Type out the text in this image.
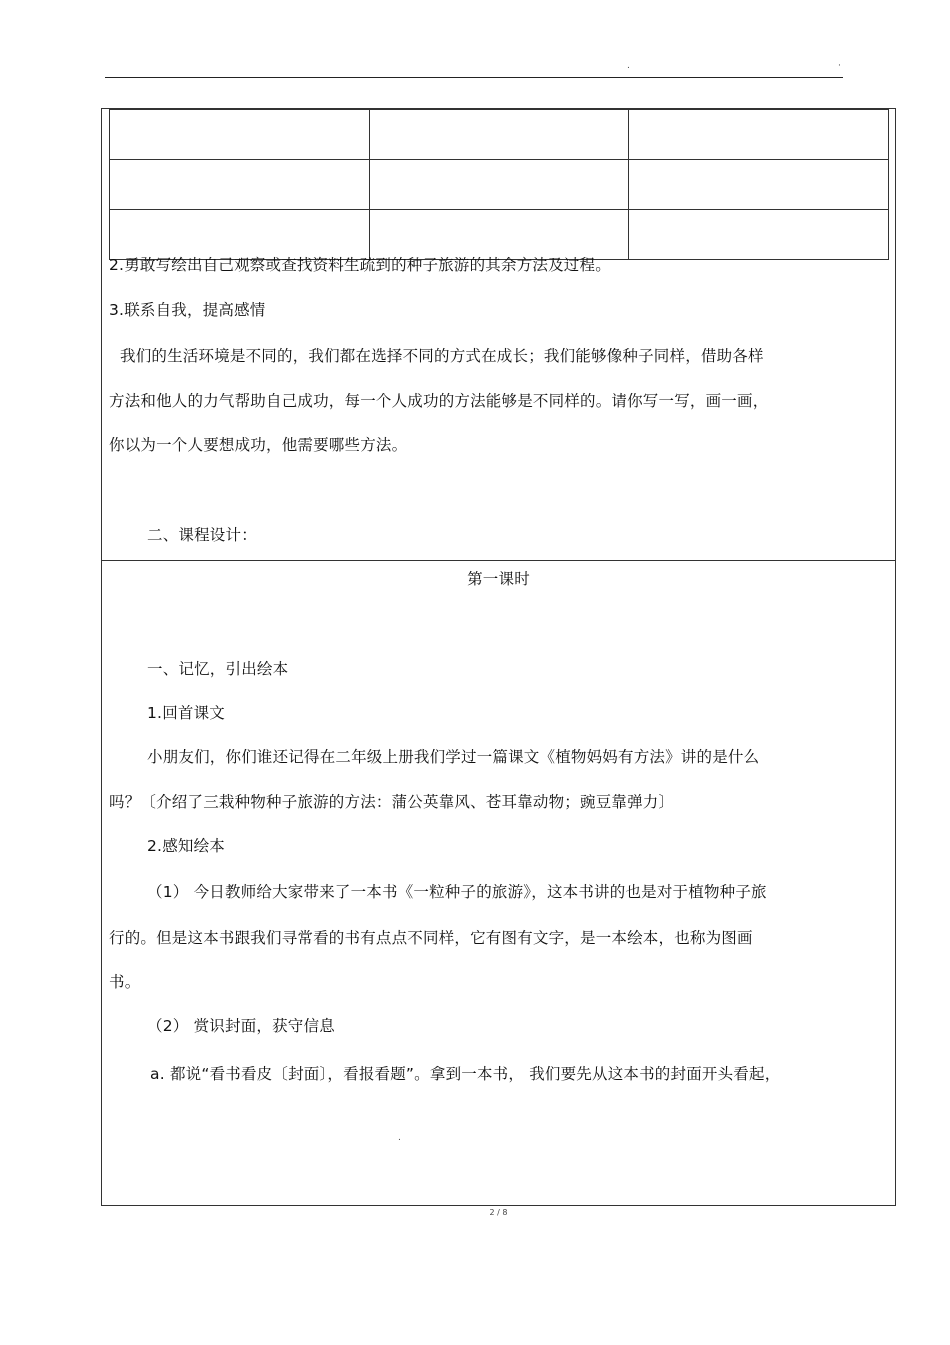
.	·

2.勇敢写绘出自己观察或查找资料生疏到的种子旅游的其余方法及过程。
3.联系自我，提高感情
我们的生活环境是不同的，我们都在选择不同的方式在成长；我们能够像种子同样，借助各样
方法和他人的力气帮助自己成功，每一个人成功的方法能够是不同样的。请你写一写，画一画，
你以为一个人要想成功，他需要哪些方法。
二、课程设计：
第一课时
一、记忆，引出绘本
1.回首课文
小朋友们，你们谁还记得在二年级上册我们学过一篇课文《植物妈妈有方法》讲的是什么
吗？〔介绍了三栽种物种子旅游的方法：蒲公英靠风、苍耳靠动物；豌豆靠弹力〕
2.感知绘本
（1） 今日教师给大家带来了一本书《一粒种子的旅游》，这本书讲的也是对于植物种子旅
行的。但是这本书跟我们寻常看的书有点点不同样，它有图有文字，是一本绘本，也称为图画
书。
（2） 赏识封面，获守信息
a. 都说“看书看皮〔封面〕，看报看题”。拿到一本书， 我们要先从这本书的封面开头看起，
.
2 / 8
